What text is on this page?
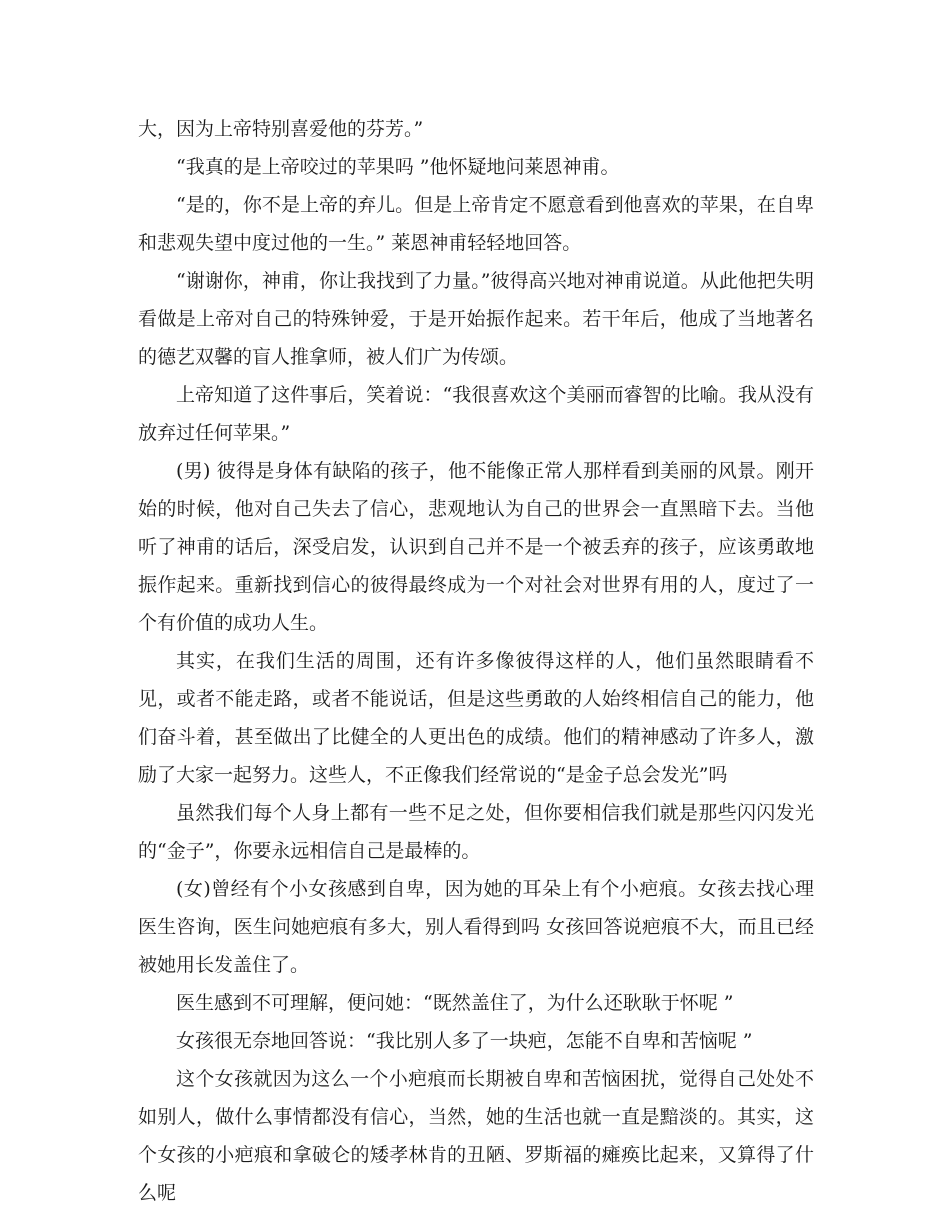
大，因为上帝特别喜爱他的芬芳。”

“我真的是上帝咬过的苹果吗 ”他怀疑地问莱恩神甫。

“是的，你不是上帝的弃儿。但是上帝肯定不愿意看到他喜欢的苹果，在自卑和悲观失望中度过他的一生。” 莱恩神甫轻轻地回答。

“谢谢你，神甫，你让我找到了力量。”彼得高兴地对神甫说道。从此他把失明看做是上帝对自己的特殊钟爱，于是开始振作起来。若干年后，他成了当地著名的德艺双馨的盲人推拿师，被人们广为传颂。

上帝知道了这件事后，笑着说：“我很喜欢这个美丽而睿智的比喻。我从没有放弃过任何苹果。”

(男) 彼得是身体有缺陷的孩子，他不能像正常人那样看到美丽的风景。刚开始的时候，他对自己失去了信心，悲观地认为自己的世界会一直黑暗下去。当他听了神甫的话后，深受启发，认识到自己并不是一个被丢弃的孩子，应该勇敢地振作起来。重新找到信心的彼得最终成为一个对社会对世界有用的人，度过了一个有价值的成功人生。

其实，在我们生活的周围，还有许多像彼得这样的人，他们虽然眼睛看不见，或者不能走路，或者不能说话，但是这些勇敢的人始终相信自己的能力，他们奋斗着，甚至做出了比健全的人更出色的成绩。他们的精神感动了许多人，激励了大家一起努力。这些人，不正像我们经常说的“是金子总会发光”吗

虽然我们每个人身上都有一些不足之处，但你要相信我们就是那些闪闪发光的“金子”，你要永远相信自己是最棒的。

(女)曾经有个小女孩感到自卑，因为她的耳朵上有个小疤痕。女孩去找心理医生咨询，医生问她疤痕有多大，别人看得到吗 女孩回答说疤痕不大，而且已经被她用长发盖住了。

医生感到不可理解，便问她：“既然盖住了，为什么还耿耿于怀呢 ”

女孩很无奈地回答说：“我比别人多了一块疤，怎能不自卑和苦恼呢 ”

这个女孩就因为这么一个小疤痕而长期被自卑和苦恼困扰，觉得自己处处不如别人，做什么事情都没有信心，当然，她的生活也就一直是黯淡的。其实，这个女孩的小疤痕和拿破仑的矮孝林肯的丑陋、罗斯福的瘫痪比起来，又算得了什么呢
